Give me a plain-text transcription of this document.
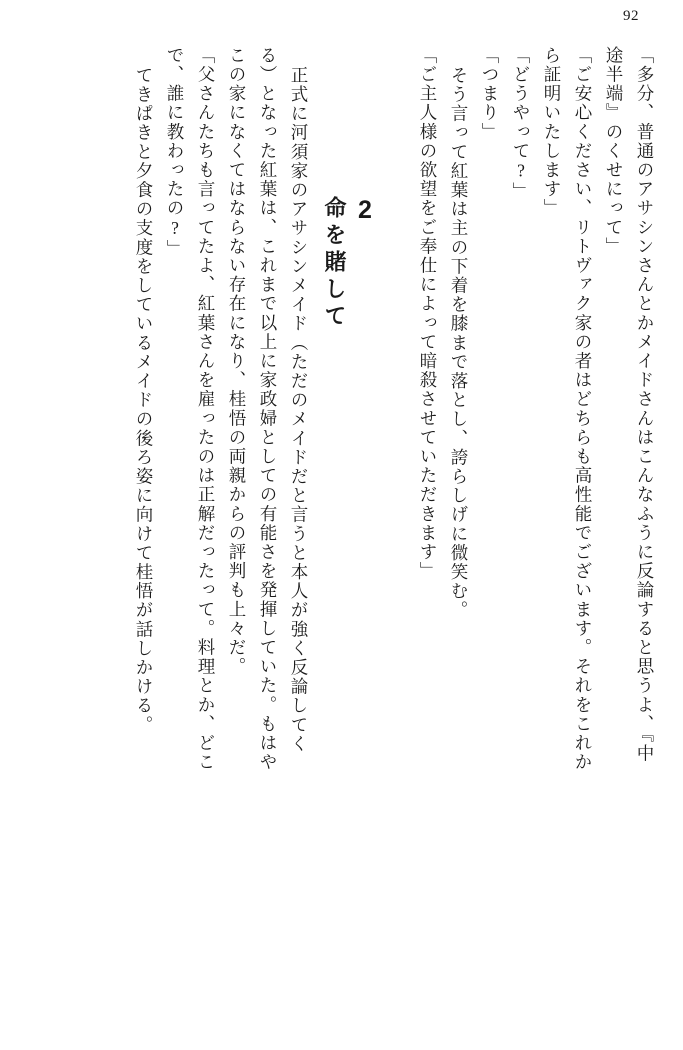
92
「多分、普通のアサシンさんとかメイドさんはこんなふうに反論すると思うよ、『中
途半端』のくせにって」
「ご安心ください、リトヴァク家の者はどちらも高性能でございます。それをこれか
ら証明いたします」
「どうやって?」
「つまり」
そう言って紅葉は主の下着を膝まで落とし、誇らしげに微笑む。
「ご主人様の欲望をご奉仕によって暗殺させていただきます」
2
命を賭して
正式に河須家のアサシンメイド（ただのメイドだと言うと本人が強く反論してく
る）となった紅葉は、これまで以上に家政婦としての有能さを発揮していた。もはや
この家になくてはならない存在になり、桂悟の両親からの評判も上々だ。
「父さんたちも言ってたよ、紅葉さんを雇ったのは正解だったって。料理とか、どこ
で、誰に教わったの?」
てきぱきと夕食の支度をしているメイドの後ろ姿に向けて桂悟が話しかける。
